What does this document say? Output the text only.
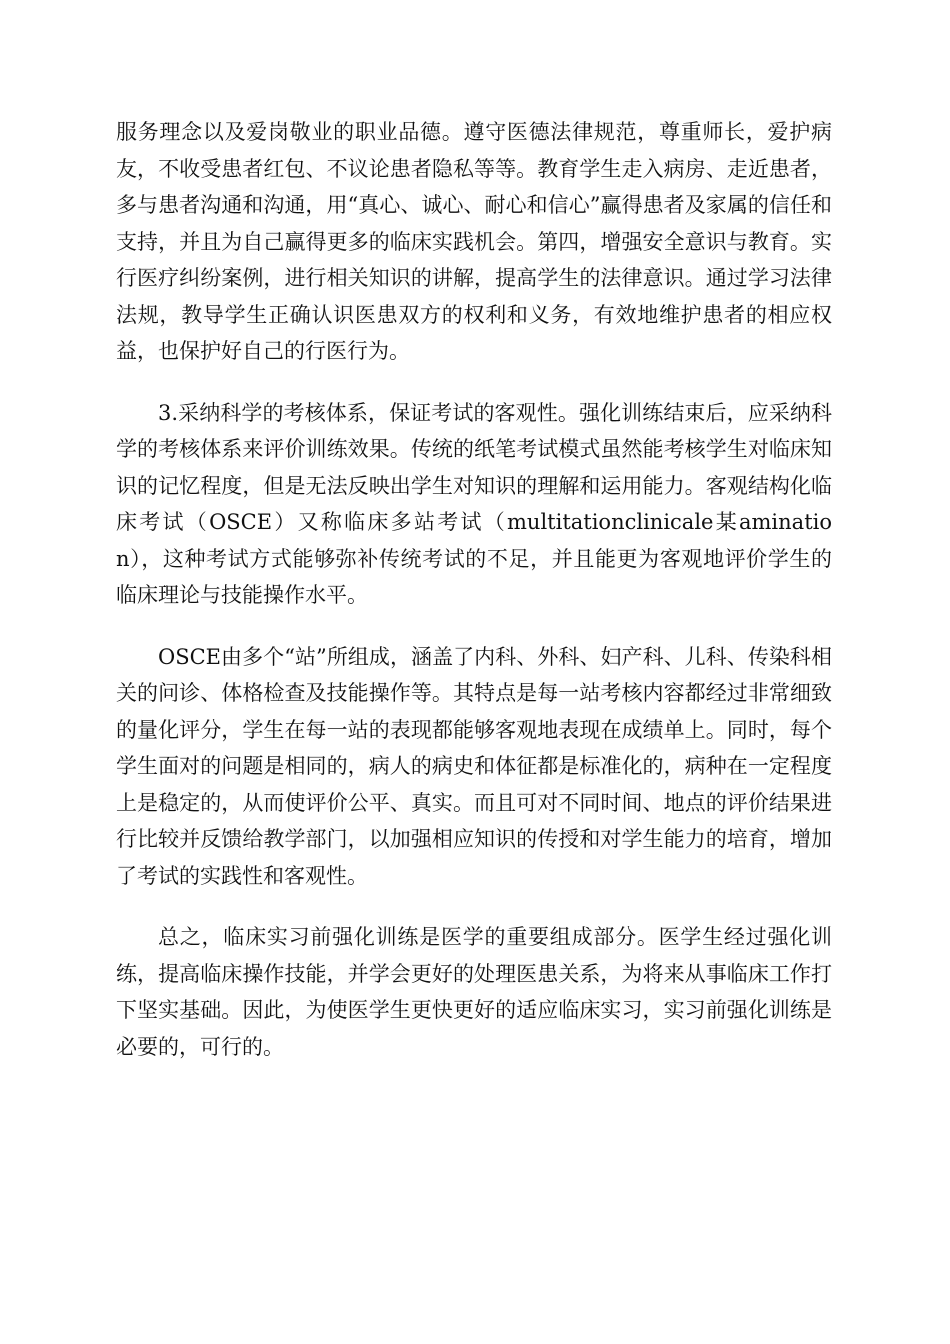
服务理念以及爱岗敬业的职业品德。遵守医德法律规范，尊重师长，爱护病友，不收受患者红包、不议论患者隐私等等。教育学生走入病房、走近患者，多与患者沟通和沟通，用“真心、诚心、耐心和信心”赢得患者及家属的信任和支持，并且为自己赢得更多的临床实践机会。第四，增强安全意识与教育。实行医疗纠纷案例，进行相关知识的讲解，提高学生的法律意识。通过学习法律法规，教导学生正确认识医患双方的权利和义务，有效地维护患者的相应权益，也保护好自己的行医行为。

3.采纳科学的考核体系，保证考试的客观性。强化训练结束后，应采纳科学的考核体系来评价训练效果。传统的纸笔考试模式虽然能考核学生对临床知识的记忆程度，但是无法反映出学生对知识的理解和运用能力。客观结构化临床考试（OSCE）又称临床多站考试（multitationclinicale某amination），这种考试方式能够弥补传统考试的不足，并且能更为客观地评价学生的临床理论与技能操作水平。

OSCE由多个“站”所组成，涵盖了内科、外科、妇产科、儿科、传染科相关的问诊、体格检查及技能操作等。其特点是每一站考核内容都经过非常细致的量化评分，学生在每一站的表现都能够客观地表现在成绩单上。同时，每个学生面对的问题是相同的，病人的病史和体征都是标准化的，病种在一定程度上是稳定的，从而使评价公平、真实。而且可对不同时间、地点的评价结果进行比较并反馈给教学部门，以加强相应知识的传授和对学生能力的培育，增加了考试的实践性和客观性。

总之，临床实习前强化训练是医学的重要组成部分。医学生经过强化训练，提高临床操作技能，并学会更好的处理医患关系，为将来从事临床工作打下坚实基础。因此，为使医学生更快更好的适应临床实习，实习前强化训练是必要的，可行的。
